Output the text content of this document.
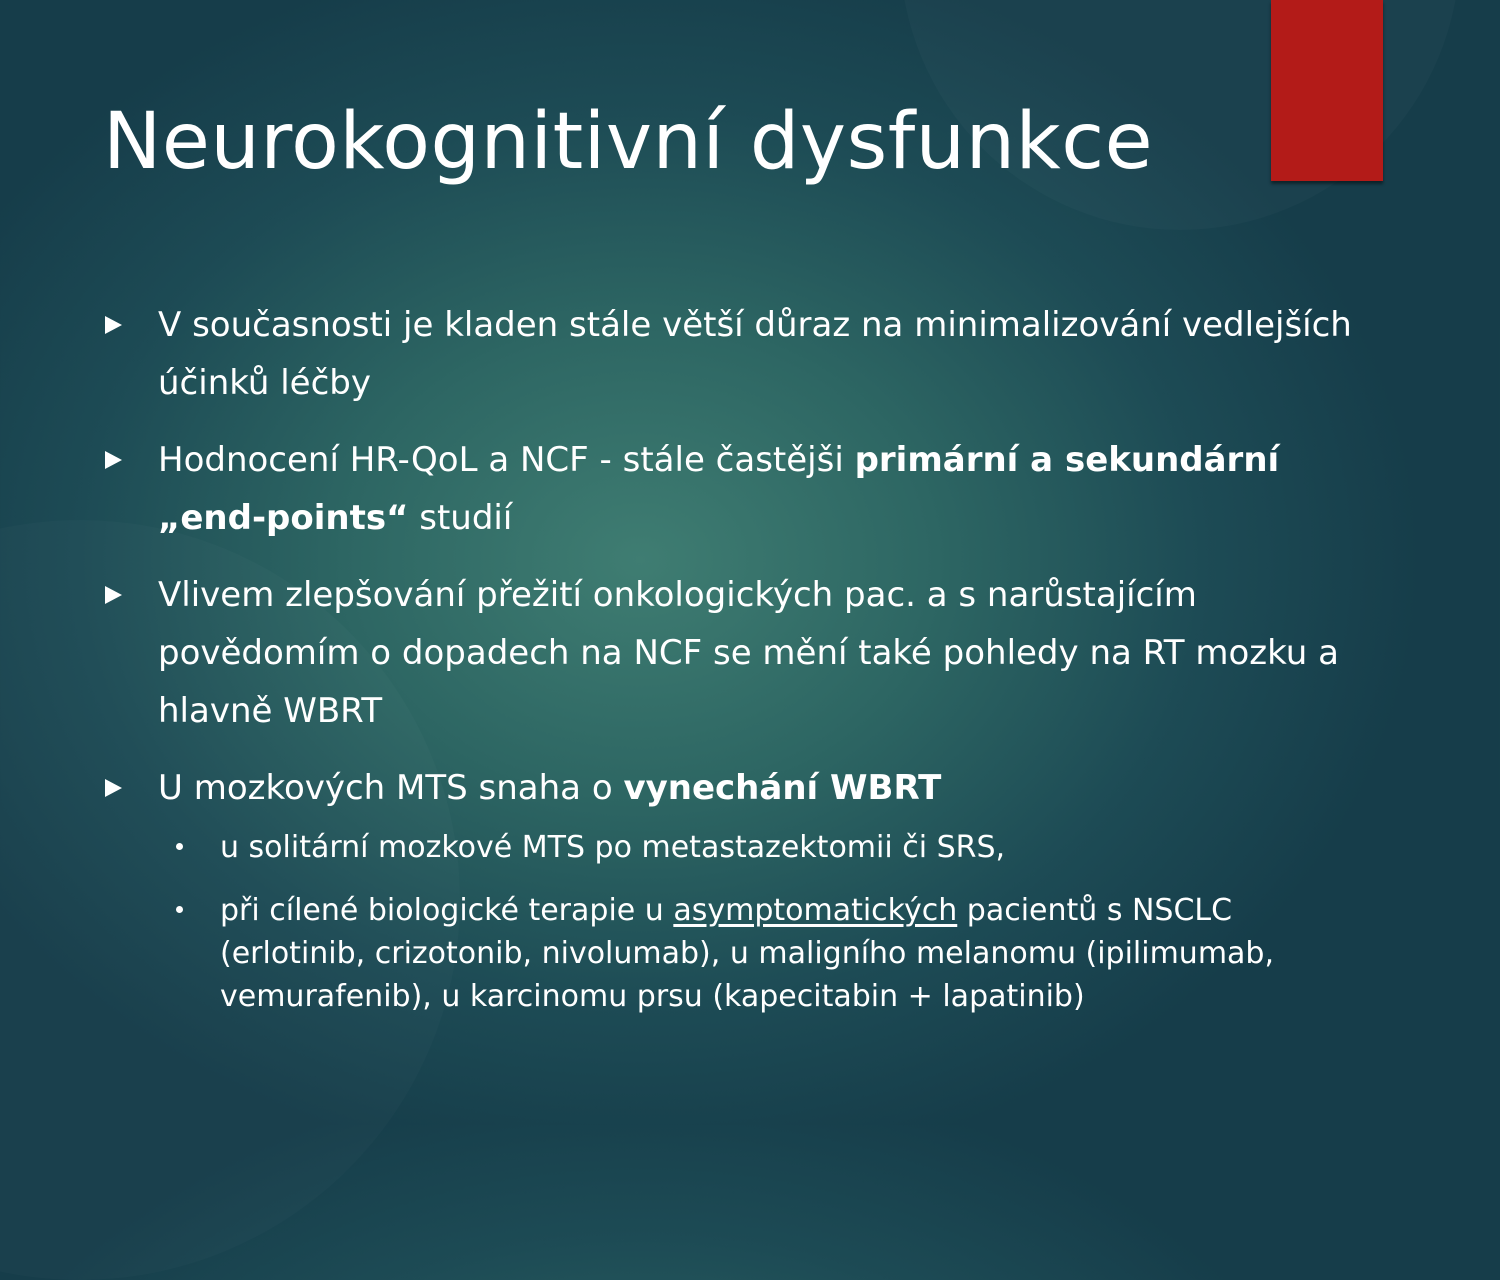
Neurokognitivní dysfunkce
V současnosti je kladen stále větší důraz na minimalizování vedlejších účinků léčby
Hodnocení HR-QoL a NCF - stále častějši primární a sekundární „end-points“ studií
Vlivem zlepšování přežití onkologických pac. a s narůstajícím povědomím o dopadech na NCF se mění také pohledy na RT mozku a hlavně WBRT
U mozkových MTS snaha o vynechání WBRT
u solitární mozkové MTS po metastazektomii či SRS,
při cílené biologické terapie u asymptomatických pacientů s NSCLC (erlotinib, crizotonib, nivolumab), u maligního melanomu (ipilimumab, vemurafenib), u karcinomu prsu (kapecitabin + lapatinib)
